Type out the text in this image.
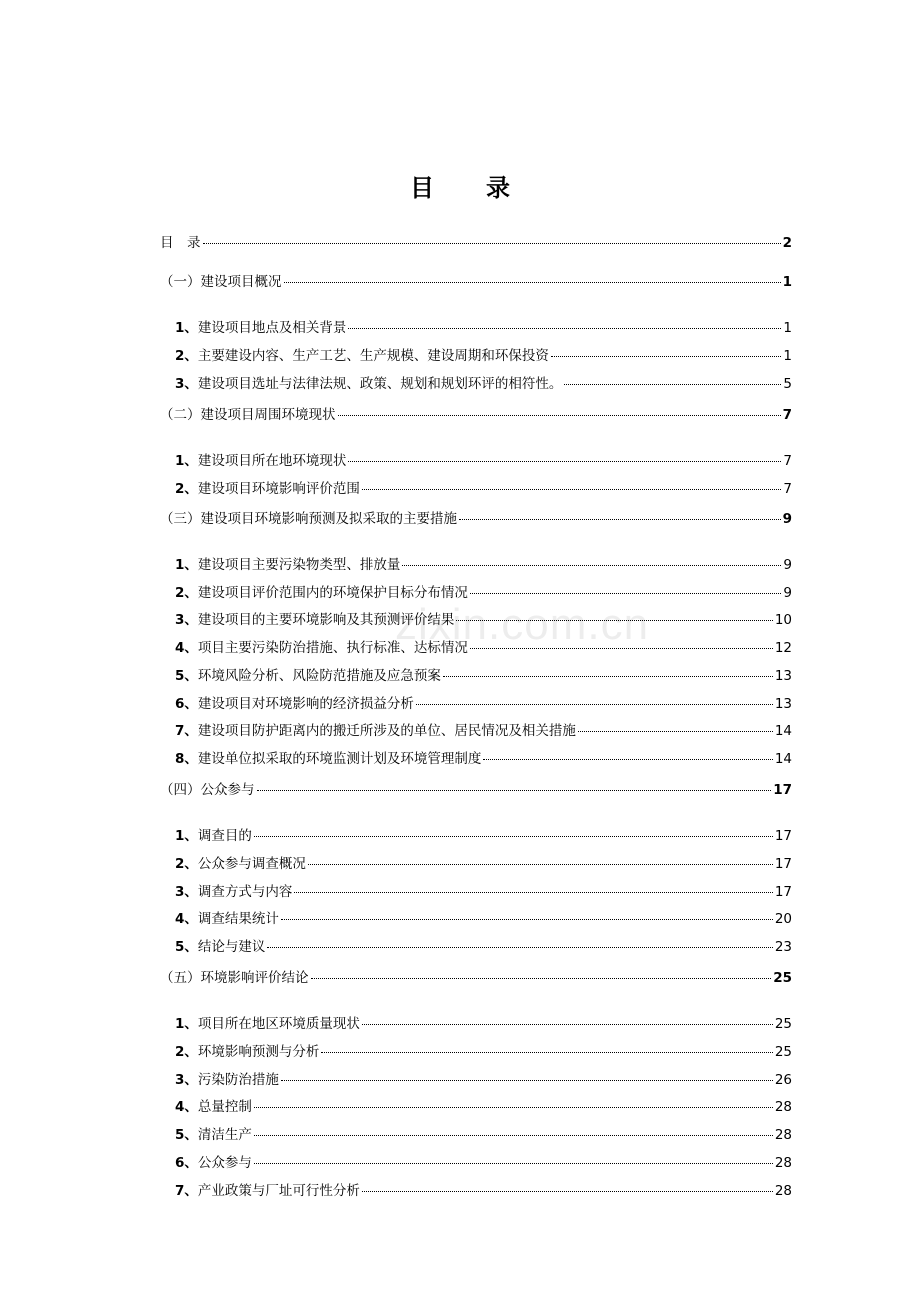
目　录
zixin.com.cn
目　录	2
（一）建设项目概况	1
1、 建设项目地点及相关背景	1
2、 主要建设内容、生产工艺、生产规模、建设周期和环保投资	1
3、 建设项目选址与法律法规、政策、规划和规划环评的相符性。	5
（二）建设项目周围环境现状	7
1、 建设项目所在地环境现状	7
2、 建设项目环境影响评价范围	7
（三）建设项目环境影响预测及拟采取的主要措施	9
1、 建设项目主要污染物类型、排放量	9
2、 建设项目评价范围内的环境保护目标分布情况	9
3、 建设项目的主要环境影响及其预测评价结果	10
4、 项目主要污染防治措施、执行标准、达标情况	12
5、 环境风险分析、风险防范措施及应急预案	13
6、 建设项目对环境影响的经济损益分析	13
7、 建设项目防护距离内的搬迁所涉及的单位、居民情况及相关措施	14
8、 建设单位拟采取的环境监测计划及环境管理制度	14
（四）公众参与	17
1、 调查目的	17
2、 公众参与调查概况	17
3、 调查方式与内容	17
4、 调查结果统计	20
5、 结论与建议	23
（五）环境影响评价结论	25
1、 项目所在地区环境质量现状	25
2、 环境影响预测与分析	25
3、 污染防治措施	26
4、 总量控制	28
5、 清洁生产	28
6、 公众参与	28
7、 产业政策与厂址可行性分析	28
